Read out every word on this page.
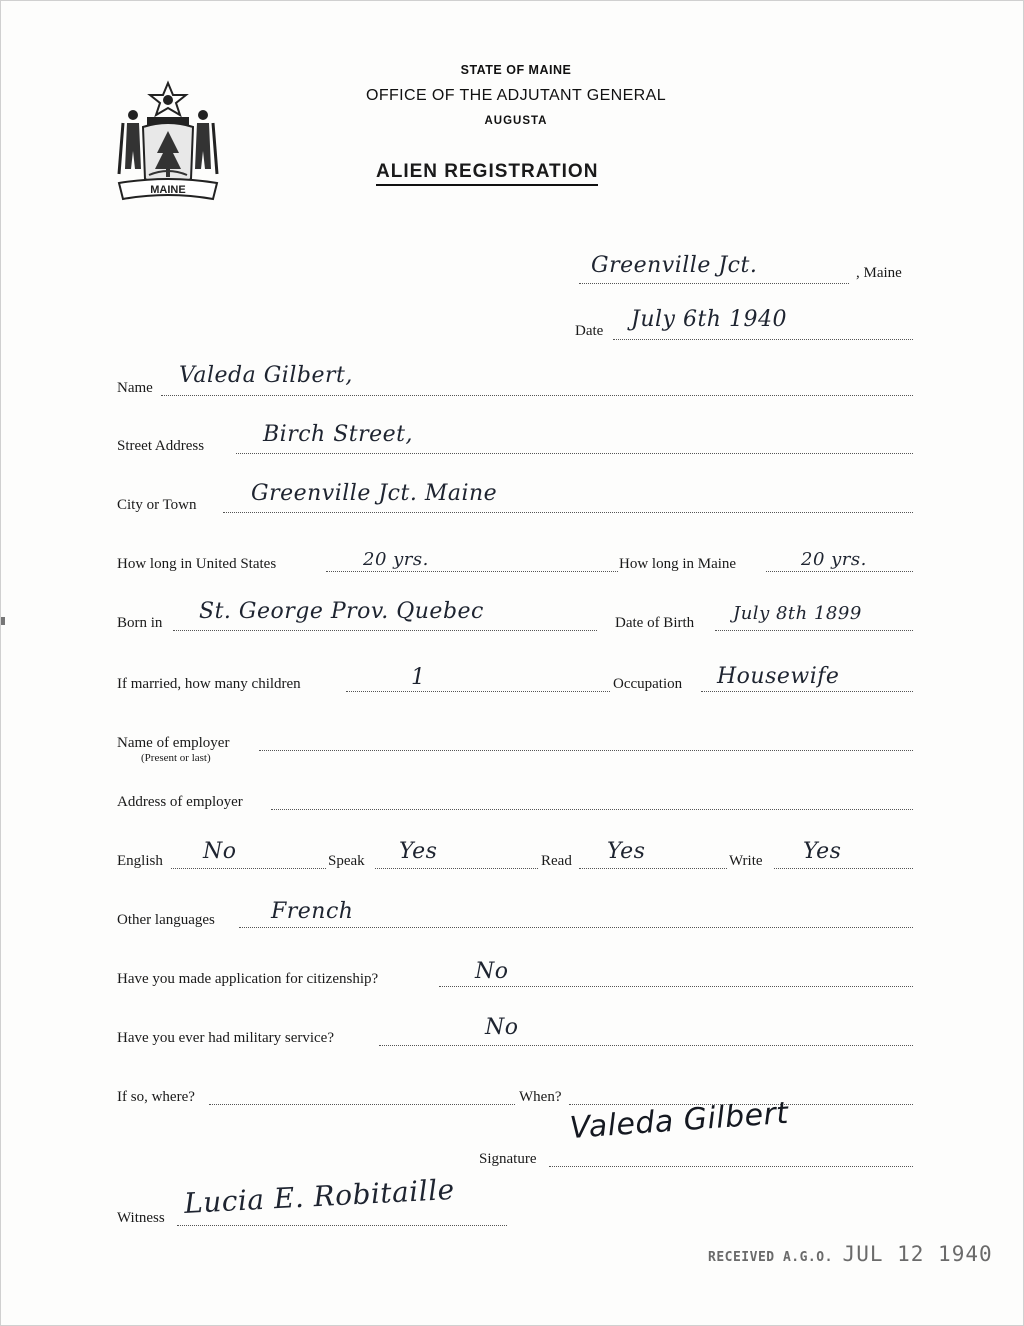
MAINE
STATE OF MAINE
OFFICE OF THE ADJUTANT GENERAL
AUGUSTA
ALIEN REGISTRATION
Greenville Jct.	, Maine
Date July 6th 1940
Name Valeda Gilbert,
Street Address	Birch Street,
City or Town Greenville Jct. Maine
How long in United States	20 yrs.	How long in Maine	20 yrs.
Born in St. George Prov. Quebec	Date of Birth July 8th 1899
If married, how many children	1	Occupation Housewife
Name of employer
(Present or last)
Address of employer
English No	Speak Yes	Read Yes	Write Yes
Other languages	French
Have you made application for citizenship?	No
Have you ever had military service?	No
If so, where?	When?
Signature
Valeda Gilbert
Witness Lucia E. Robitaille
RECEIVED A.G.O. JUL 12 1940
